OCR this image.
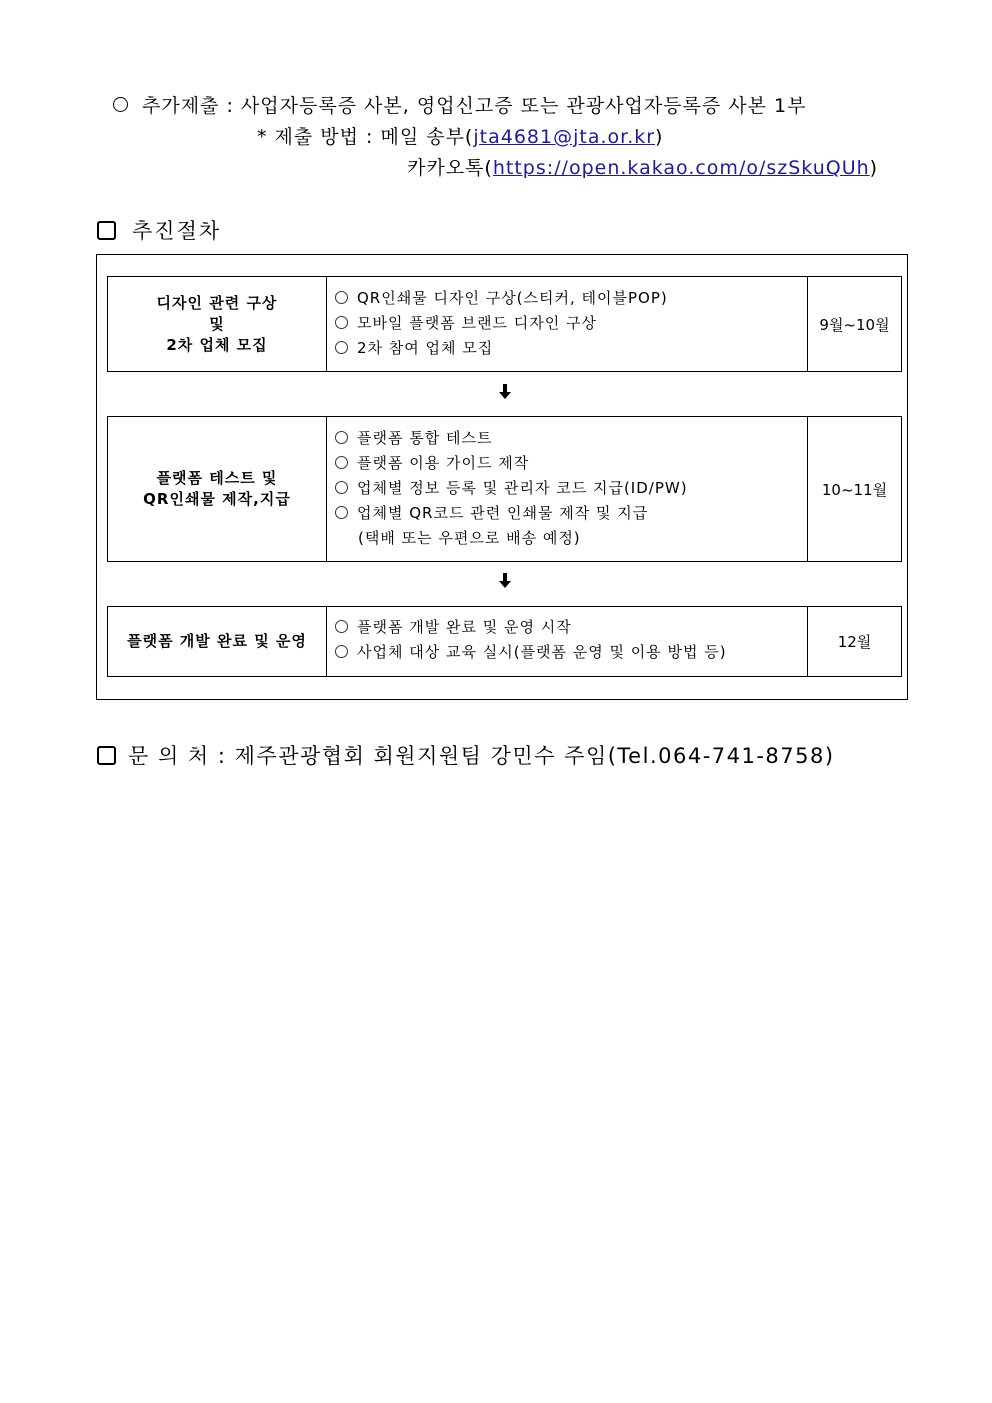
추가제출 : 사업자등록증 사본, 영업신고증 또는 관광사업자등록증 사본 1부
* 제출 방법 : 메일 송부(jta4681@jta.or.kr)
카카오톡(https://open.kakao.com/o/szSkuQUh)
추진절차
디자인 관련 구상
및
2차 업체 모집
QR인쇄물 디자인 구상(스티커, 테이블POP)
모바일 플랫폼 브랜드 디자인 구상
2차 참여 업체 모집
9월~10월
플랫폼 테스트 및
QR인쇄물 제작,지급
플랫폼 통합 테스트
플랫폼 이용 가이드 제작
업체별 정보 등록 및 관리자 코드 지급(ID/PW)
업체별 QR코드 관련 인쇄물 제작 및 지급
(택배 또는 우편으로 배송 예정)
10~11월
플랫폼 개발 완료 및 운영
플랫폼 개발 완료 및 운영 시작
사업체 대상 교육 실시(플랫폼 운영 및 이용 방법 등)
12월
문 의 처 : 제주관광협회 회원지원팀 강민수 주임(Tel.064-741-8758)
